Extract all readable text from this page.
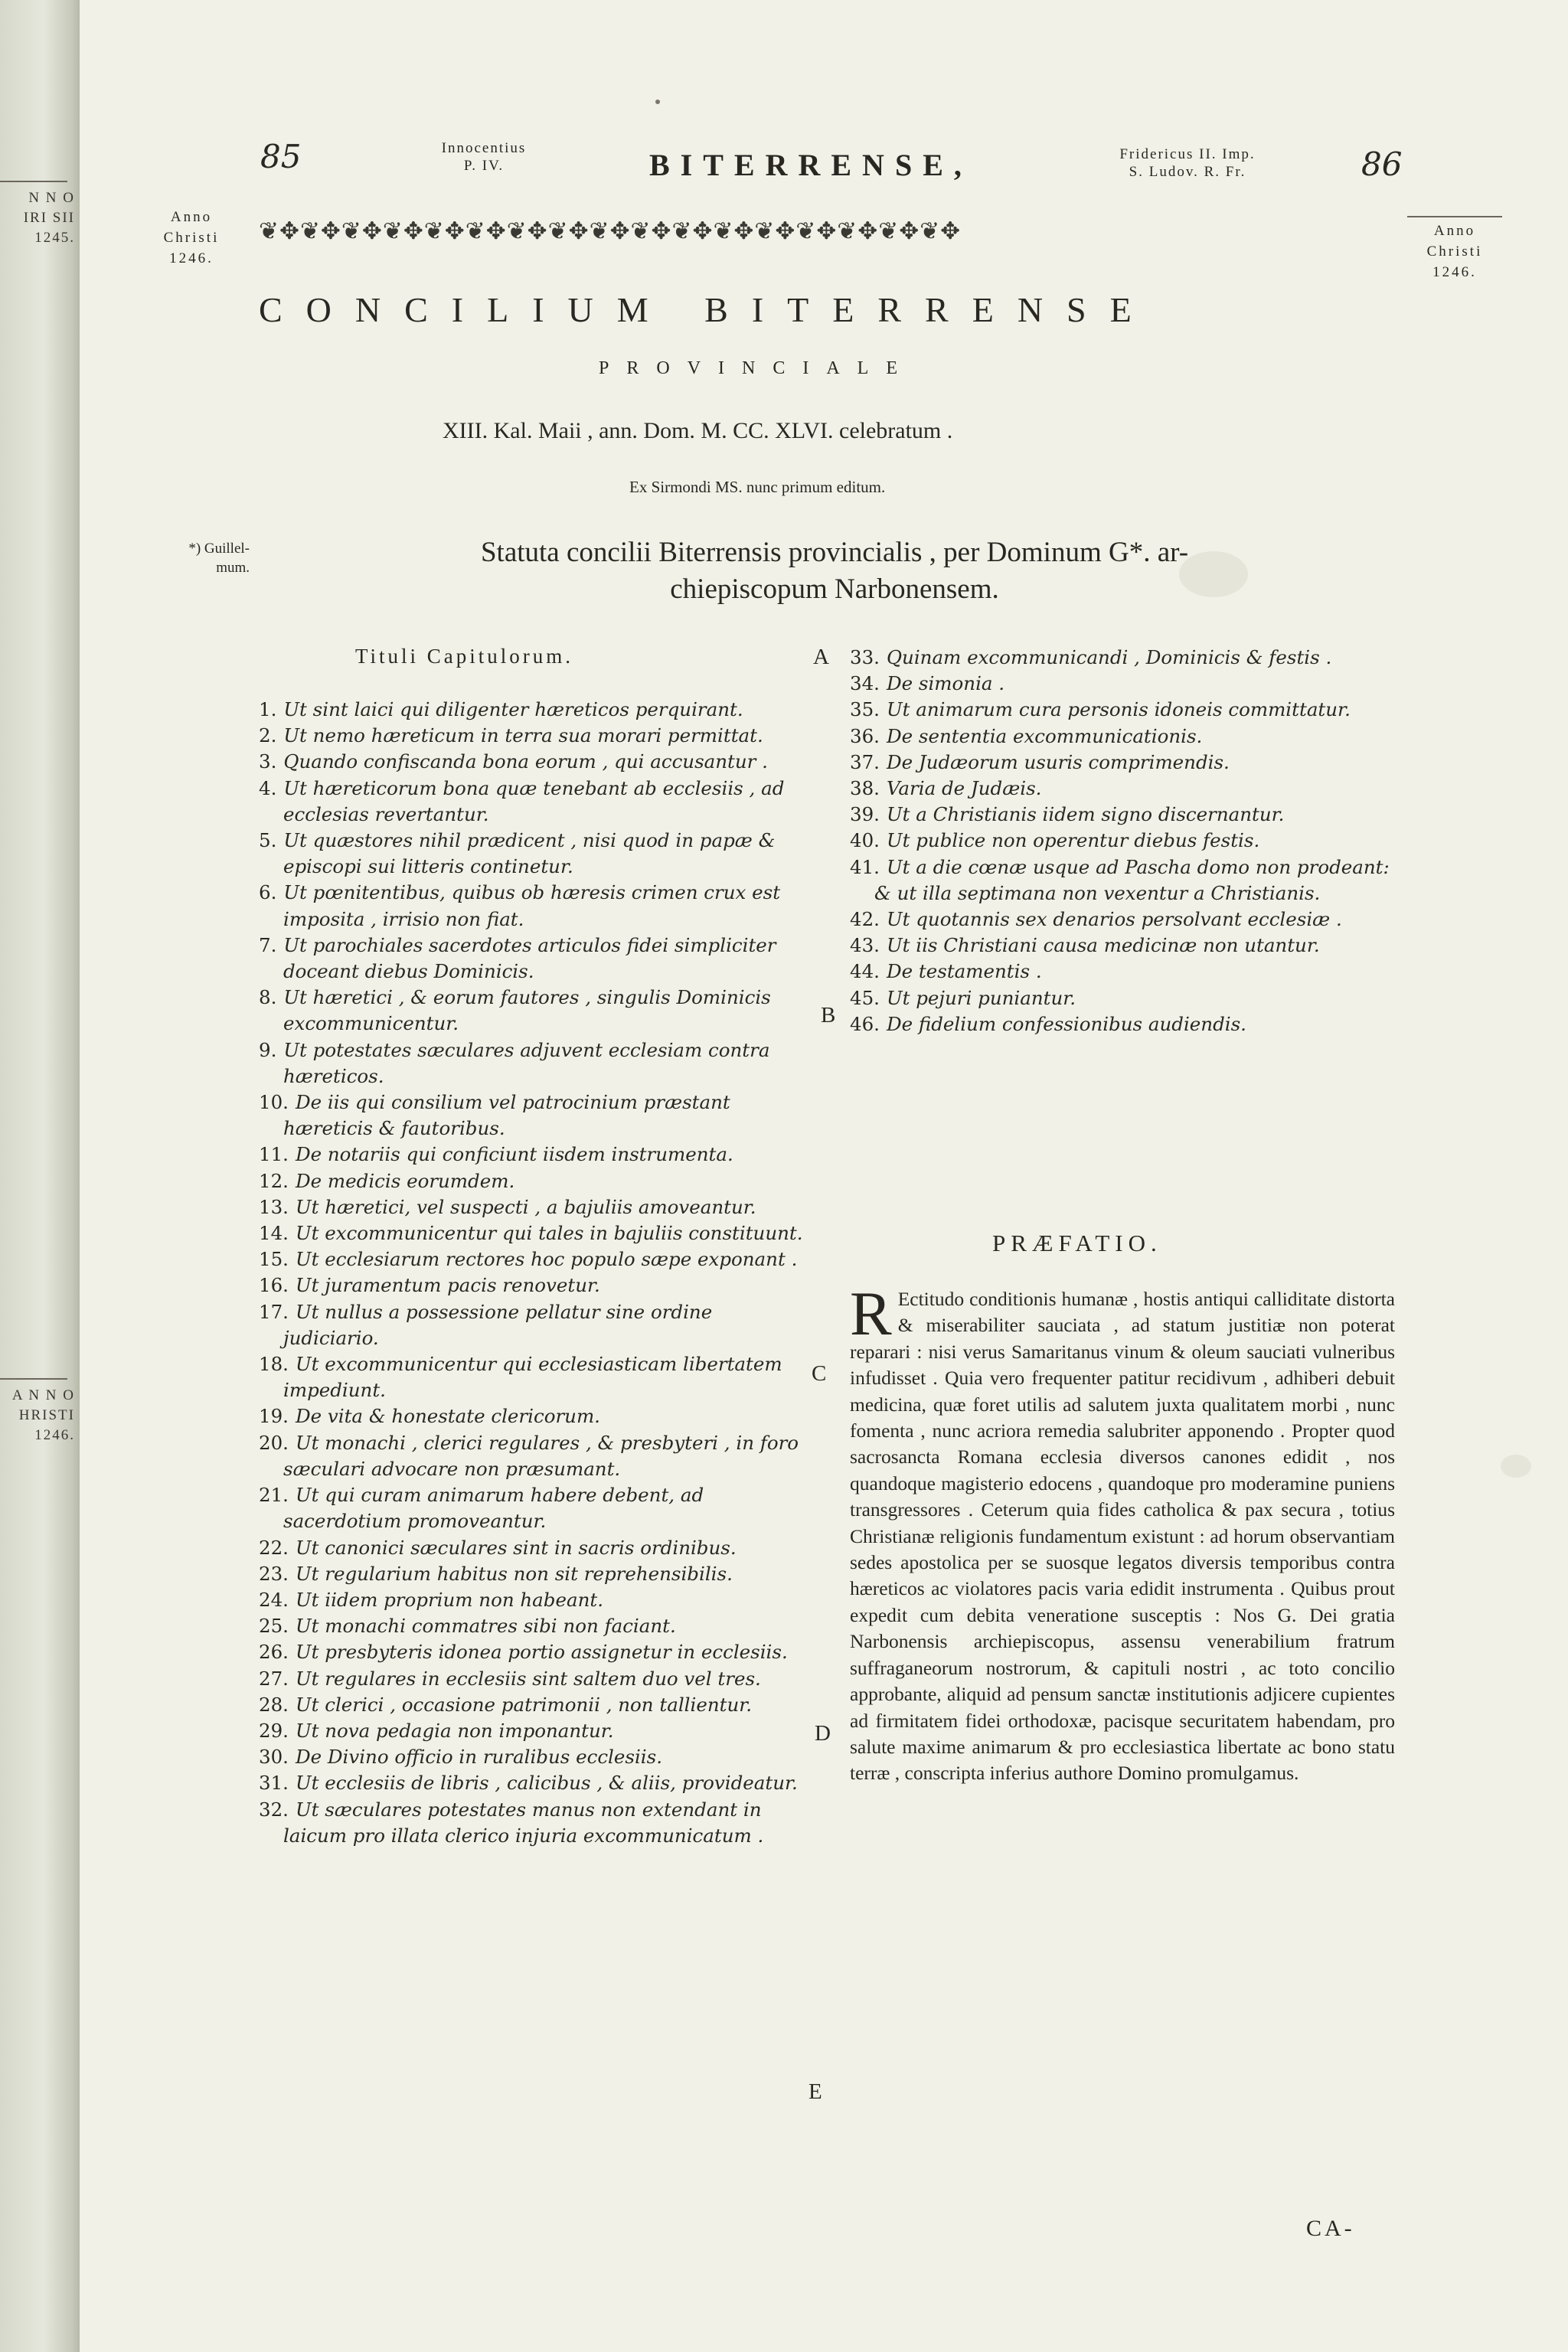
N N O
IRI SII
1245.
A N N O
HRISTI
1246.
85	Innocentius
P. IV.	BITERRENSE,	Fridericus II. Imp.
S. Ludov. R. Fr.	86
Anno
Christi
1246.
Anno
Christi
1246.
❦✥❦✥❦✥❦✥❦✥❦✥❦✥❦✥❦✥❦✥❦✥❦✥❦✥❦✥❦✥❦✥❦✥
CONCILIUM BITERRENSE
PROVINCIALE
XIII. Kal. Maii , ann. Dom. M. CC. XLVI. celebratum .
Ex Sirmondi MS. nunc primum editum.
*) Guillel-
mum.	Statuta concilii Biterrensis provincialis , per Dominum G*. ar-
chiepiscopum Narbonensem.
Tituli Capitulorum.
1. Ut sint laici qui diligenter hæreticos perquirant.
2. Ut nemo hæreticum in terra sua morari permittat.
3. Quando confiscanda bona eorum , qui accusantur .
4. Ut hæreticorum bona quæ tenebant ab ecclesiis , ad ecclesias revertantur.
5. Ut quæstores nihil prædicent , nisi quod in papæ & episcopi sui litteris continetur.
6. Ut pœnitentibus, quibus ob hæresis crimen crux est imposita , irrisio non fiat.
7. Ut parochiales sacerdotes articulos fidei simpliciter doceant diebus Dominicis.
8. Ut hæretici , & eorum fautores , singulis Dominicis excommunicentur.
9. Ut potestates sæculares adjuvent ecclesiam contra hæreticos.
10. De iis qui consilium vel patrocinium præstant hæreticis & fautoribus.
11. De notariis qui conficiunt iisdem instrumenta.
12. De medicis eorumdem.
13. Ut hæretici, vel suspecti , a bajuliis amoveantur.
14. Ut excommunicentur qui tales in bajuliis constituunt.
15. Ut ecclesiarum rectores hoc populo sæpe exponant .
16. Ut juramentum pacis renovetur.
17. Ut nullus a possessione pellatur sine ordine judiciario.
18. Ut excommunicentur qui ecclesiasticam libertatem impediunt.
19. De vita & honestate clericorum.
20. Ut monachi , clerici regulares , & presbyteri , in foro sæculari advocare non præsumant.
21. Ut qui curam animarum habere debent, ad sacerdotium promoveantur.
22. Ut canonici sæculares sint in sacris ordinibus.
23. Ut regularium habitus non sit reprehensibilis.
24. Ut iidem proprium non habeant.
25. Ut monachi commatres sibi non faciant.
26. Ut presbyteris idonea portio assignetur in ecclesiis.
27. Ut regulares in ecclesiis sint saltem duo vel tres.
28. Ut clerici , occasione patrimonii , non tallientur.
29. Ut nova pedagia non imponantur.
30. De Divino officio in ruralibus ecclesiis.
31. Ut ecclesiis de libris , calicibus , & aliis, provideatur.
32. Ut sæculares potestates manus non extendant in laicum pro illata clerico injuria excommunicatum .
33. Quinam excommunicandi , Dominicis & festis .
34. De simonia .
35. Ut animarum cura personis idoneis committatur.
36. De sententia excommunicationis.
37. De Judæorum usuris comprimendis.
38. Varia de Judæis.
39. Ut a Christianis iidem signo discernantur.
40. Ut publice non operentur diebus festis.
41. Ut a die cœnæ usque ad Pascha domo non prodeant: & ut illa septimana non vexentur a Christianis.
42. Ut quotannis sex denarios persolvant ecclesiæ .
43. Ut iis Christiani causa medicinæ non utantur.
44. De testamentis .
45. Ut pejuri puniantur.
46. De fidelium confessionibus audiendis.
A
B
C
D
E
PRÆFATIO.
R Ectitudo conditionis humanæ , hostis antiqui calliditate distorta & miserabiliter sauciata , ad statum justitiæ non poterat reparari : nisi verus Samaritanus vinum & oleum sauciati vulneribus infudisset . Quia vero frequenter patitur recidivum , adhiberi debuit medicina, quæ foret utilis ad salutem juxta qualitatem morbi , nunc fomenta , nunc acriora remedia salubriter apponendo . Propter quod sacrosancta Romana ecclesia diversos canones edidit , nos quandoque magisterio edocens , quandoque pro moderamine puniens transgressores . Ceterum quia fides catholica & pax secura , totius Christianæ religionis fundamentum existunt : ad horum observantiam sedes apostolica per se suosque legatos diversis temporibus contra hæreticos ac violatores pacis varia edidit instrumenta . Quibus prout expedit cum debita veneratione susceptis : Nos G. Dei gratia Narbonensis archiepiscopus, assensu venerabilium fratrum suffraganeorum nostrorum, & capituli nostri , ac toto concilio approbante, aliquid ad pensum sanctæ institutionis adjicere cupientes ad firmitatem fidei orthodoxæ, pacisque securitatem habendam, pro salute maxime animarum & pro ecclesiastica libertate ac bono statu terræ , conscripta inferius authore Domino promulgamus.
CA-
